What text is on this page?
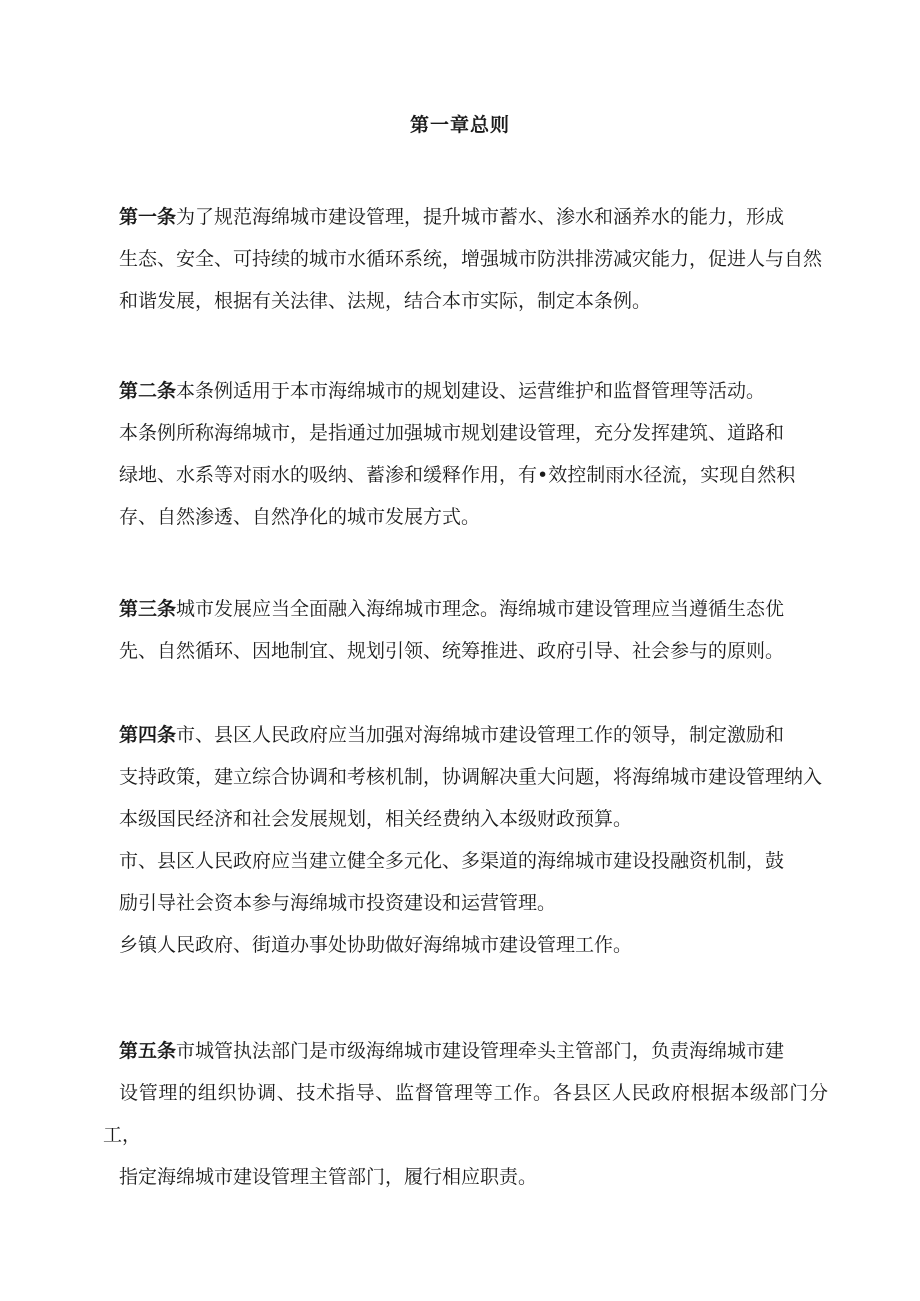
第一章总则

第一条为了规范海绵城市建设管理，提升城市蓄水、渗水和涵养水的能力，形成
生态、安全、可持续的城市水循环系统，增强城市防洪排涝减灾能力，促进人与自然
和谐发展，根据有关法律、法规，结合本市实际，制定本条例。

第二条本条例适用于本市海绵城市的规划建设、运营维护和监督管理等活动。

本条例所称海绵城市，是指通过加强城市规划建设管理，充分发挥建筑、道路和
绿地、水系等对雨水的吸纳、蓄渗和缓释作用，有•效控制雨水径流，实现自然积
存、自然渗透、自然净化的城市发展方式。

第三条城市发展应当全面融入海绵城市理念。海绵城市建设管理应当遵循生态优
先、自然循环、因地制宜、规划引领、统筹推进、政府引导、社会参与的原则。

第四条市、县区人民政府应当加强对海绵城市建设管理工作的领导，制定激励和
支持政策，建立综合协调和考核机制，协调解决重大问题，将海绵城市建设管理纳入
本级国民经济和社会发展规划，相关经费纳入本级财政预算。

市、县区人民政府应当建立健全多元化、多渠道的海绵城市建设投融资机制，鼓
励引导社会资本参与海绵城市投资建设和运营管理。

乡镇人民政府、街道办事处协助做好海绵城市建设管理工作。

第五条市城管执法部门是市级海绵城市建设管理牵头主管部门，负责海绵城市建
设管理的组织协调、技术指导、监督管理等工作。各县区人民政府根据本级部门分工，
指定海绵城市建设管理主管部门，履行相应职责。
